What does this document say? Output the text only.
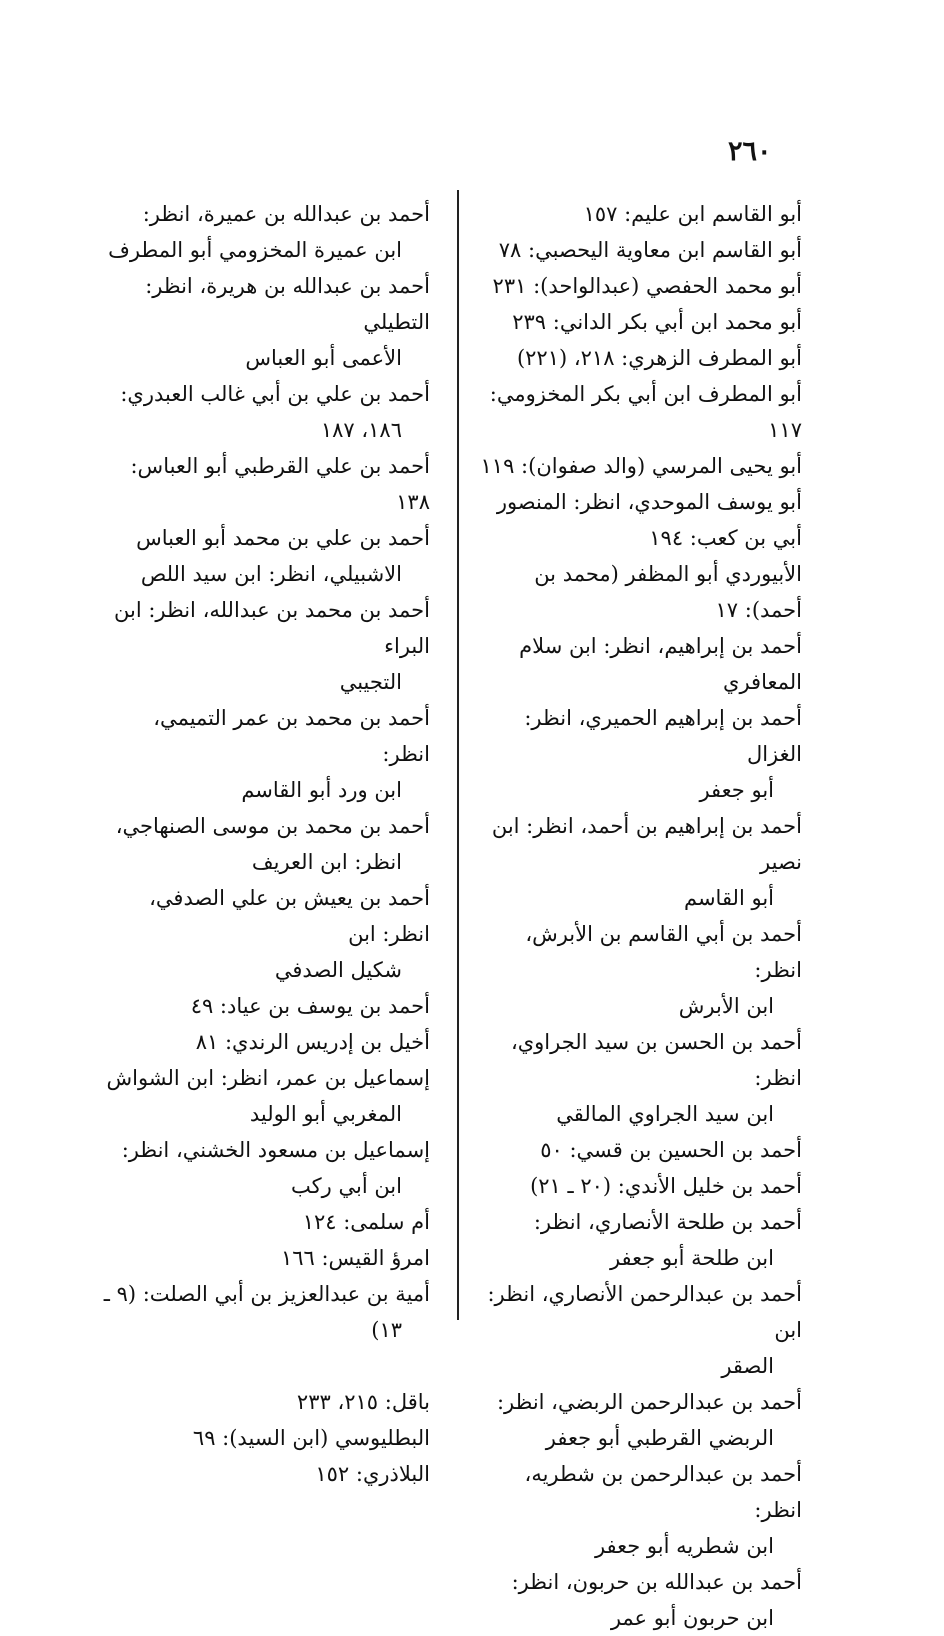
٢٦٠
أبو القاسم ابن عليم: ١٥٧
أبو القاسم ابن معاوية اليحصبي: ٧٨
أبو محمد الحفصي (عبدالواحد): ٢٣١
أبو محمد ابن أبي بكر الداني: ٢٣٩
أبو المطرف الزهري: ٢١٨، (٢٢١)
أبو المطرف ابن أبي بكر المخزومي: ١١٧
أبو يحيى المرسي (والد صفوان): ١١٩
أبو يوسف الموحدي، انظر: المنصور
أبي بن كعب: ١٩٤
الأبيوردي أبو المظفر (محمد بن أحمد): ١٧
أحمد بن إبراهيم، انظر: ابن سلام المعافري
أحمد بن إبراهيم الحميري، انظر: الغزال
أبو جعفر
أحمد بن إبراهيم بن أحمد، انظر: ابن نصير
أبو القاسم
أحمد بن أبي القاسم بن الأبرش، انظر:
ابن الأبرش
أحمد بن الحسن بن سيد الجراوي، انظر:
ابن سيد الجراوي المالقي
أحمد بن الحسين بن قسي: ٥٠
أحمد بن خليل الأندي: (٢٠ ـ ٢١)
أحمد بن طلحة الأنصاري، انظر:
ابن طلحة أبو جعفر
أحمد بن عبدالرحمن الأنصاري، انظر: ابن
الصقر
أحمد بن عبدالرحمن الربضي، انظر:
الربضي القرطبي أبو جعفر
أحمد بن عبدالرحمن بن شطريه، انظر:
ابن شطريه أبو جعفر
أحمد بن عبدالله بن حربون، انظر:
ابن حربون أبو عمر
أحمد بن عبدالله بن عميرة، انظر:
ابن عميرة المخزومي أبو المطرف
أحمد بن عبدالله بن هريرة، انظر: التطيلي
الأعمى أبو العباس
أحمد بن علي بن أبي غالب العبدري:
١٨٦، ١٨٧
أحمد بن علي القرطبي أبو العباس: ١٣٨
أحمد بن علي بن محمد أبو العباس
الاشبيلي، انظر: ابن سيد اللص
أحمد بن محمد بن عبدالله، انظر: ابن البراء
التجيبي
أحمد بن محمد بن عمر التميمي، انظر:
ابن ورد أبو القاسم
أحمد بن محمد بن موسى الصنهاجي،
انظر: ابن العريف
أحمد بن يعيش بن علي الصدفي، انظر: ابن
شكيل الصدفي
أحمد بن يوسف بن عياد: ٤٩
أخيل بن إدريس الرندي: ٨١
إسماعيل بن عمر، انظر: ابن الشواش
المغربي أبو الوليد
إسماعيل بن مسعود الخشني، انظر:
ابن أبي ركب
أم سلمى: ١٢٤
امرؤ القيس: ١٦٦
أمية بن عبدالعزيز بن أبي الصلت: (٩ ـ
١٣)
باقل: ٢١٥، ٢٣٣
البطليوسي (ابن السيد): ٦٩
البلاذري: ١٥٢
